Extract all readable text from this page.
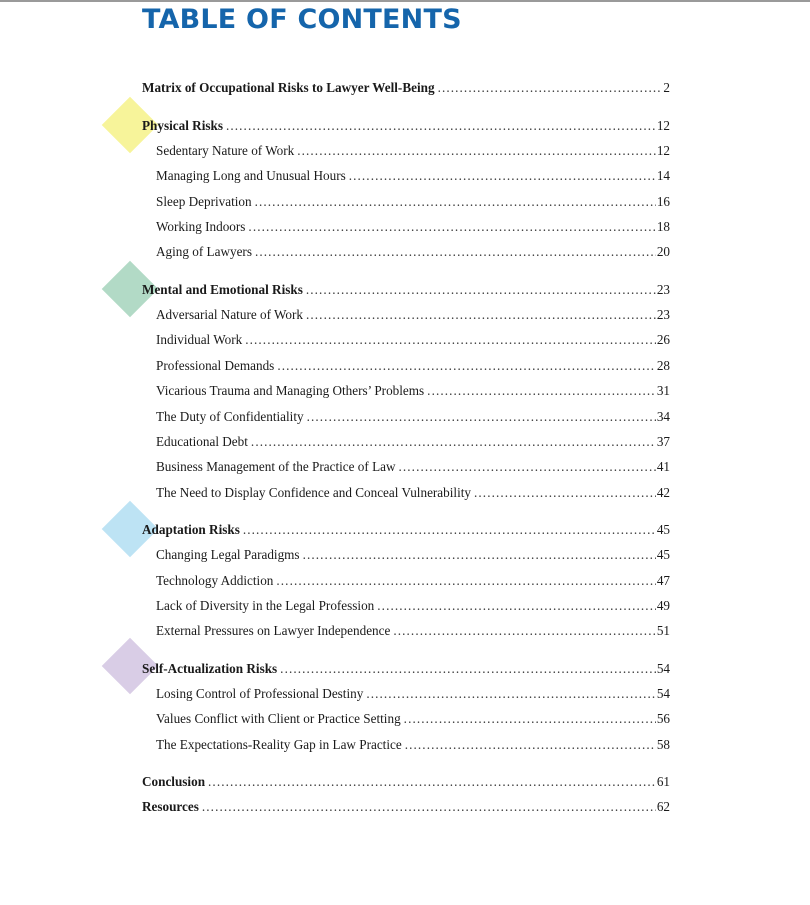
TABLE OF CONTENTS
Matrix of Occupational Risks to Lawyer Well-Being . . .	2
Physical Risks . . .	12
Sedentary Nature of Work . . .	12
Managing Long and Unusual Hours . . .	14
Sleep Deprivation . . .	16
Working Indoors . . .	18
Aging of Lawyers . . .	20
Mental and Emotional Risks . . .	23
Adversarial Nature of Work . . .	23
Individual Work . . .	26
Professional Demands . . .	28
Vicarious Trauma and Managing Others’ Problems . . .	31
The Duty of Confidentiality . . .	34
Educational Debt . . .	37
Business Management of the Practice of Law . . .	41
The Need to Display Confidence and Conceal Vulnerability . . .	42
Adaptation Risks . . .	45
Changing Legal Paradigms . . .	45
Technology Addiction . . .	47
Lack of Diversity in the Legal Profession . . .	49
External Pressures on Lawyer Independence . . .	51
Self-Actualization Risks . . .	54
Losing Control of Professional Destiny . . .	54
Values Conflict with Client or Practice Setting . . .	56
The Expectations-Reality Gap in Law Practice . . .	58
Conclusion . . .	61
Resources . . .	62
